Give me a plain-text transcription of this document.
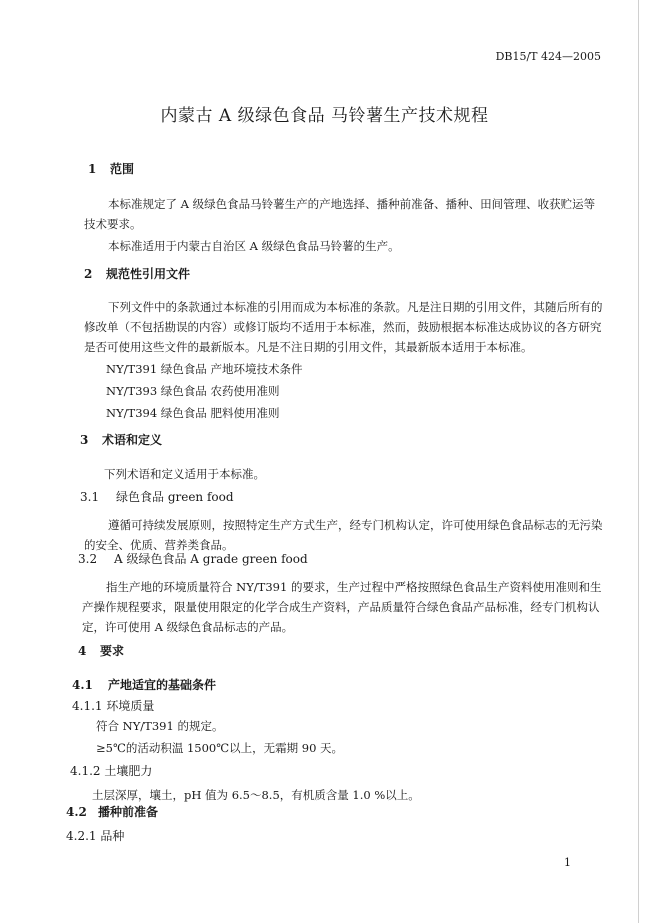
DB15/T 424—2005
内蒙古 A 级绿色食品 马铃薯生产技术规程
1 范围
本标准规定了 A 级绿色食品马铃薯生产的产地选择、播种前准备、播种、田间管理、收获贮运等技术要求。
本标准适用于内蒙古自治区 A 级绿色食品马铃薯的生产。
2 规范性引用文件
下列文件中的条款通过本标准的引用而成为本标准的条款。凡是注日期的引用文件，其随后所有的修改单（不包括勘误的内容）或修订版均不适用于本标准，然而，鼓励根据本标准达成协议的各方研究是否可使用这些文件的最新版本。凡是不注日期的引用文件，其最新版本适用于本标准。
NY/T391 绿色食品 产地环境技术条件
NY/T393 绿色食品 农药使用准则
NY/T394 绿色食品 肥料使用准则
3 术语和定义
下列术语和定义适用于本标准。
3.1 绿色食品 green food
遵循可持续发展原则，按照特定生产方式生产，经专门机构认定，许可使用绿色食品标志的无污染的安全、优质、营养类食品。
3.2 A 级绿色食品 A grade green food
指生产地的环境质量符合 NY/T391 的要求，生产过程中严格按照绿色食品生产资料使用准则和生产操作规程要求，限量使用限定的化学合成生产资料，产品质量符合绿色食品产品标准，经专门机构认定，许可使用 A 级绿色食品标志的产品。
4 要求
4.1 产地适宜的基础条件
4.1.1 环境质量
符合 NY/T391 的规定。
≥5℃的活动积温 1500℃以上，无霜期 90 天。
4.1.2 土壤肥力
土层深厚，壤土，pH 值为 6.5～8.5，有机质含量 1.0 %以上。
4.2 播种前准备
4.2.1 品种
1
